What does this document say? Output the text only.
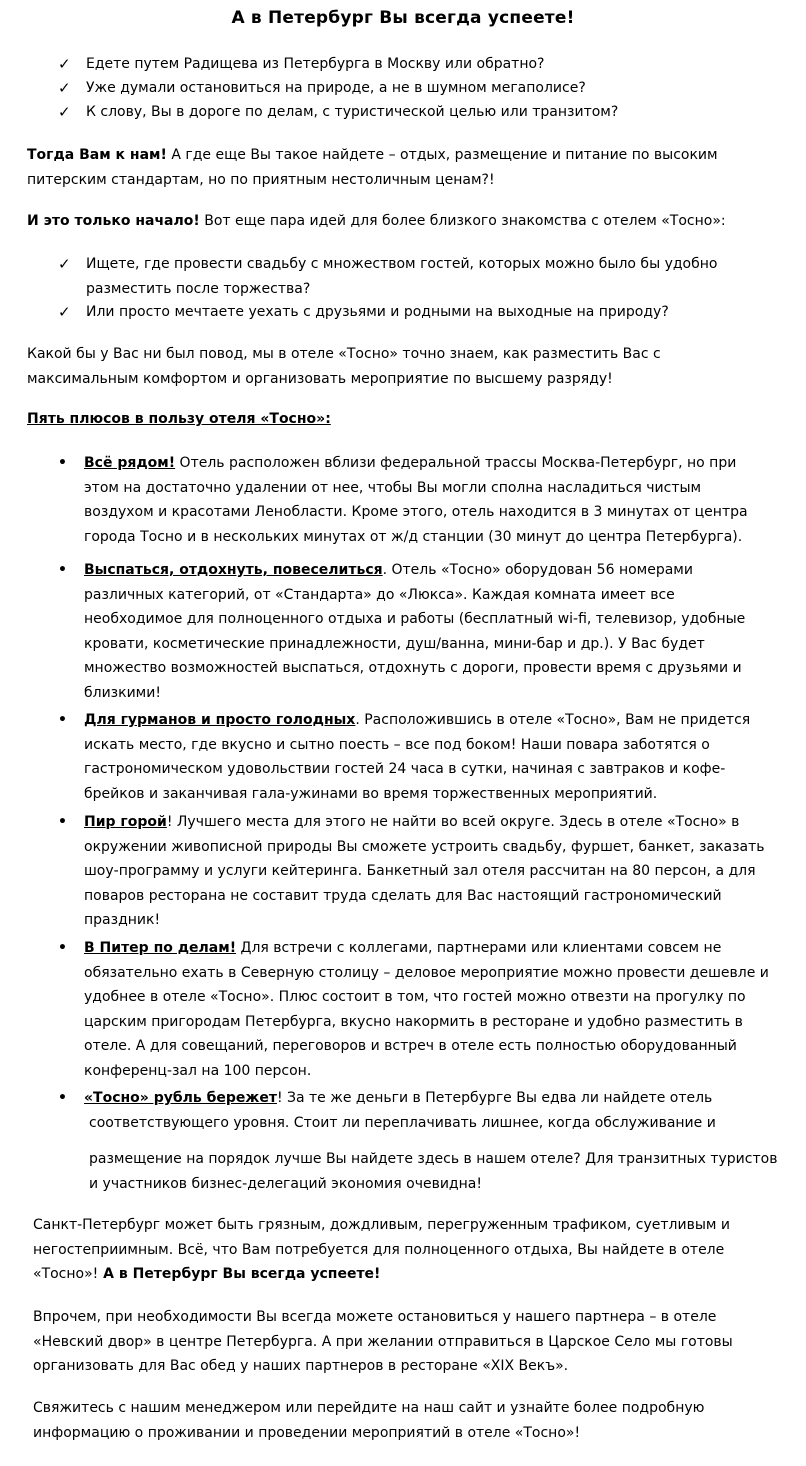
А в Петербург Вы всегда успеете!
✓ Едете путем Радищева из Петербурга в Москву или обратно?
✓ Уже думали остановиться на природе, а не в шумном мегаполисе?
✓ К слову, Вы в дороге по делам, с туристической целью или транзитом?
Тогда Вам к нам! А где еще Вы такое найдете – отдых, размещение и питание по высоким
питерским стандартам, но по приятным нестоличным ценам?!
И это только начало! Вот еще пара идей для более близкого знакомства с отелем «Тосно»:
✓ Ищете, где провести свадьбу с множеством гостей, которых можно было бы удобно
разместить после торжества?
✓ Или просто мечтаете уехать с друзьями и родными на выходные на природу?
Какой бы у Вас ни был повод, мы в отеле «Тосно» точно знаем, как разместить Вас с
максимальным комфортом и организовать мероприятие по высшему разряду!
Пять плюсов в пользу отеля «Тосно»:
• Всё рядом! Отель расположен вблизи федеральной трассы Москва-Петербург, но при
этом на достаточно удалении от нее, чтобы Вы могли сполна насладиться чистым
воздухом и красотами Ленобласти. Кроме этого, отель находится в 3 минутах от центра
города Тосно и в нескольких минутах от ж/д станции (30 минут до центра Петербурга).
• Выспаться, отдохнуть, повеселиться. Отель «Тосно» оборудован 56 номерами
различных категорий, от «Стандарта» до «Люкса». Каждая комната имеет все
необходимое для полноценного отдыха и работы (бесплатный wi-fi, телевизор, удобные
кровати, косметические принадлежности, душ/ванна, мини-бар и др.). У Вас будет
множество возможностей выспаться, отдохнуть с дороги, провести время с друзьями и
близкими!
• Для гурманов и просто голодных. Расположившись в отеле «Тосно», Вам не придется
искать место, где вкусно и сытно поесть – все под боком! Наши повара заботятся о
гастрономическом удовольствии гостей 24 часа в сутки, начиная с завтраков и кофе-
брейков и заканчивая гала-ужинами во время торжественных мероприятий.
• Пир горой! Лучшего места для этого не найти во всей округе. Здесь в отеле «Тосно» в
окружении живописной природы Вы сможете устроить свадьбу, фуршет, банкет, заказать
шоу-программу и услуги кейтеринга. Банкетный зал отеля рассчитан на 80 персон, а для
поваров ресторана не составит труда сделать для Вас настоящий гастрономический
праздник!
• В Питер по делам! Для встречи с коллегами, партнерами или клиентами совсем не
обязательно ехать в Северную столицу – деловое мероприятие можно провести дешевле и
удобнее в отеле «Тосно». Плюс состоит в том, что гостей можно отвезти на прогулку по
царским пригородам Петербурга, вкусно накормить в ресторане и удобно разместить в
отеле. А для совещаний, переговоров и встреч в отеле есть полностью оборудованный
конференц-зал на 100 персон.
• «Тосно» рубль бережет! За те же деньги в Петербурге Вы едва ли найдете отель
соответствующего уровня. Стоит ли переплачивать лишнее, когда обслуживание и
размещение на порядок лучше Вы найдете здесь в нашем отеле? Для транзитных туристов
и участников бизнес-делегаций экономия очевидна!
Санкт-Петербург может быть грязным, дождливым, перегруженным трафиком, суетливым и
негостеприимным. Всё, что Вам потребуется для полноценного отдыха, Вы найдете в отеле
«Тосно»! А в Петербург Вы всегда успеете!
Впрочем, при необходимости Вы всегда можете остановиться у нашего партнера – в отеле
«Невский двор» в центре Петербурга. А при желании отправиться в Царское Село мы готовы
организовать для Вас обед у наших партнеров в ресторане «XIX Векъ».
Свяжитесь с нашим менеджером или перейдите на наш сайт и узнайте более подробную
информацию о проживании и проведении мероприятий в отеле «Тосно»!
